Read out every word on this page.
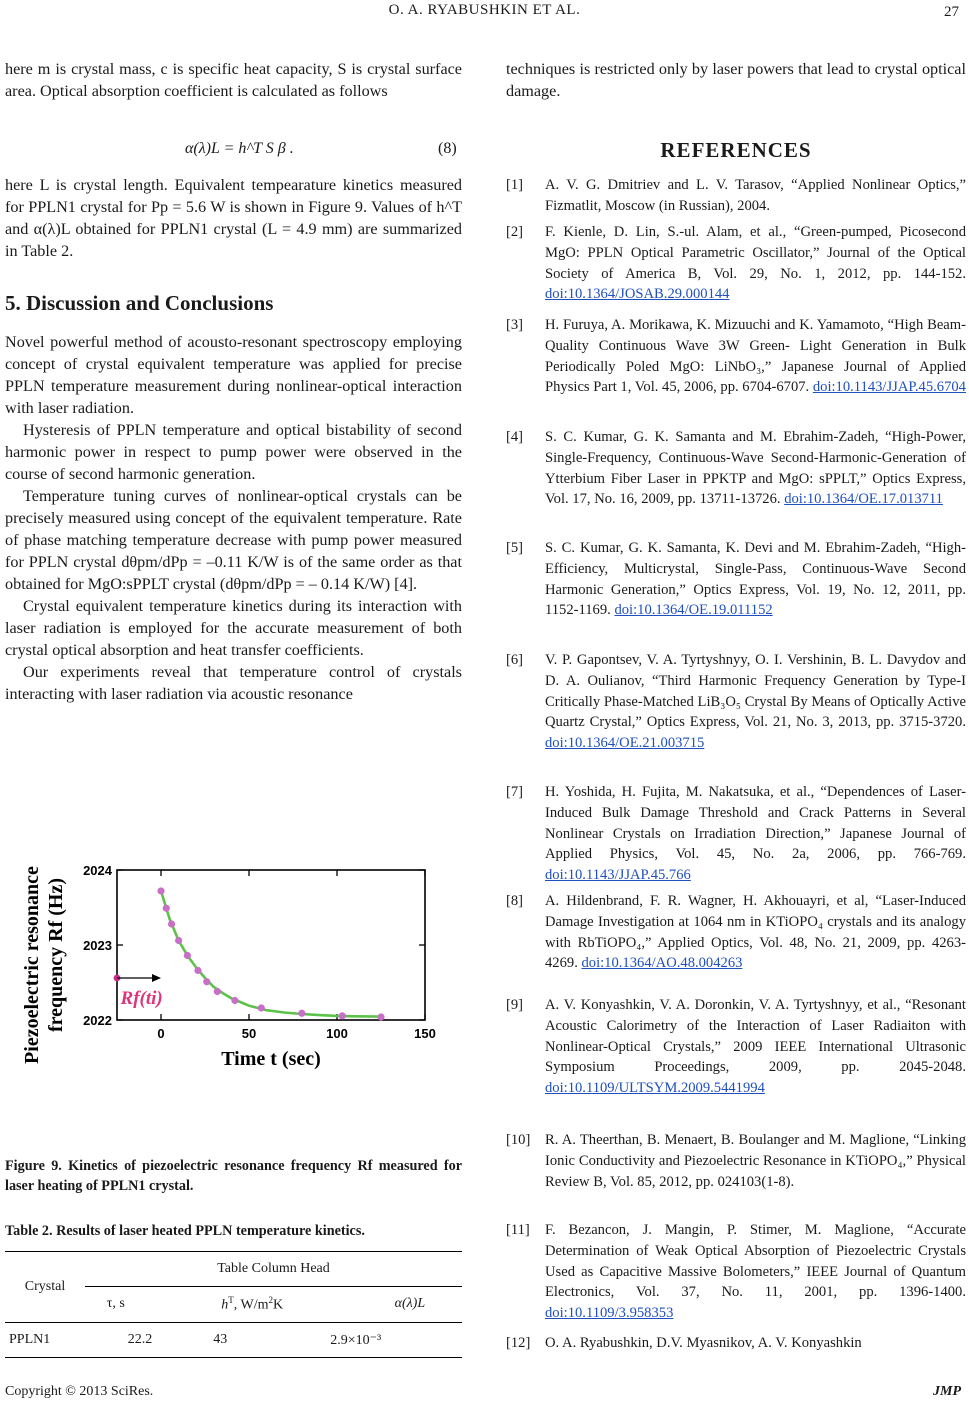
O. A. RYABUSHKIN ET AL.	27

here m is crystal mass, c is specific heat capacity, S is crystal surface area. Optical absorption coefficient is calculated as follows

α(λ)L = h^T S β .	(8)

here L is crystal length. Equivalent tempearature kinetics measured for PPLN1 crystal for Pp = 5.6 W is shown in Figure 9. Values of h^T and α(λ)L obtained for PPLN1 crystal (L = 4.9 mm) are summarized in Table 2.

5. Discussion and Conclusions

Novel powerful method of acousto-resonant spectroscopy employing concept of crystal equivalent temperature was applied for precise PPLN temperature measurement during nonlinear-optical interaction with laser radiation.

Hysteresis of PPLN temperature and optical bistability of second harmonic power in respect to pump power were observed in the course of second harmonic generation.

Temperature tuning curves of nonlinear-optical crystals can be precisely measured using concept of the equivalent temperature. Rate of phase matching temperature decrease with pump power measured for PPLN crystal dθpm/dPp = –0.11 K/W is of the same order as that obtained for MgO:sPPLT crystal (dθpm/dPp = – 0.14 K/W) [4].

Crystal equivalent temperature kinetics during its interaction with laser radiation is employed for the accurate measurement of both crystal optical absorption and heat transfer coefficients.

Our experiments reveal that temperature control of crystals interacting with laser radiation via acoustic resonance

0	50	100	150
2022
2023
2024
Rf(ti)
Time t (sec)
Piezoelectric resonance frequency Rf (Hz)
Figure 9. Kinetics of piezoelectric resonance frequency Rf measured for laser heating of PPLN1 crystal.
Table 2. Results of laser heated PPLN temperature kinetics.
Crystal	Table Column Head		
	τ, s	$h^T$, $W/m^2K$	α(λ)L
PPLN1	22.2	43	2.9×10⁻³
techniques is restricted only by laser powers that lead to crystal optical damage.
REFERENCES
[1]	A. V. G. Dmitriev and L. V. Tarasov, “Applied Nonlinear Optics,” Fizmatlit, Moscow (in Russian), 2004.
[2]	F. Kienle, D. Lin, S.-ul. Alam, et al., “Green-pumped, Picosecond MgO: PPLN Optical Parametric Oscillator,” Journal of the Optical Society of America B, Vol. 29, No. 1, 2012, pp. 144-152. doi:10.1364/JOSAB.29.000144
[3]	H. Furuya, A. Morikawa, K. Mizuuchi and K. Yamamoto, “High Beam-Quality Continuous Wave 3W Green- Light Generation in Bulk Periodically Poled MgO: LiNbO₃,” Japanese Journal of Applied Physics Part 1, Vol. 45, 2006, pp. 6704-6707. doi:10.1143/JJAP.45.6704
[4]	S. C. Kumar, G. K. Samanta and M. Ebrahim-Zadeh, “High-Power, Single-Frequency, Continuous-Wave Second-Harmonic-Generation of Ytterbium Fiber Laser in PPKTP and MgO: sPPLT,” Optics Express, Vol. 17, No. 16, 2009, pp. 13711-13726. doi:10.1364/OE.17.013711
[5]	S. C. Kumar, G. K. Samanta, K. Devi and M. Ebrahim-Zadeh, “High-Efficiency, Multicrystal, Single-Pass, Continuous-Wave Second Harmonic Generation,” Optics Express, Vol. 19, No. 12, 2011, pp. 1152-1169. doi:10.1364/OE.19.011152
[6]	V. P. Gapontsev, V. A. Tyrtyshnyy, O. I. Vershinin, B. L. Davydov and D. A. Oulianov, “Third Harmonic Frequency Generation by Type-I Critically Phase-Matched LiB₃O₅ Crystal By Means of Optically Active Quartz Crystal,” Optics Express, Vol. 21, No. 3, 2013, pp. 3715-3720. doi:10.1364/OE.21.003715
[7]	H. Yoshida, H. Fujita, M. Nakatsuka, et al., “Dependences of Laser-Induced Bulk Damage Threshold and Crack Patterns in Several Nonlinear Crystals on Irradiation Direction,” Japanese Journal of Applied Physics, Vol. 45, No. 2a, 2006, pp. 766-769. doi:10.1143/JJAP.45.766
[8]	A. Hildenbrand, F. R. Wagner, H. Akhouayri, et al, “Laser-Induced Damage Investigation at 1064 nm in KTiOPO₄ crystals and its analogy with RbTiOPO₄,” Applied Optics, Vol. 48, No. 21, 2009, pp. 4263-4269. doi:10.1364/AO.48.004263
[9]	A. V. Konyashkin, V. A. Doronkin, V. A. Tyrtyshnyy, et al., “Resonant Acoustic Calorimetry of the Interaction of Laser Radiaiton with Nonlinear-Optical Crystals,” 2009 IEEE International Ultrasonic Symposium Proceedings, 2009, pp. 2045-2048. doi:10.1109/ULTSYM.2009.5441994
[10]	R. A. Theerthan, B. Menaert, B. Boulanger and M. Maglione, “Linking Ionic Conductivity and Piezoelectric Resonance in KTiOPO₄,” Physical Review B, Vol. 85, 2012, pp. 024103(1-8).
[11]	F. Bezancon, J. Mangin, P. Stimer, M. Maglione, “Accurate Determination of Weak Optical Absorption of Piezoelectric Crystals Used as Capacitive Massive Bolometers,” IEEE Journal of Quantum Electronics, Vol. 37, No. 11, 2001, pp. 1396-1400. doi:10.1109/3.958353
[12]	O. A. Ryabushkin, D.V. Myasnikov, A. V. Konyashkin
Copyright © 2013 SciRes.	JMP
